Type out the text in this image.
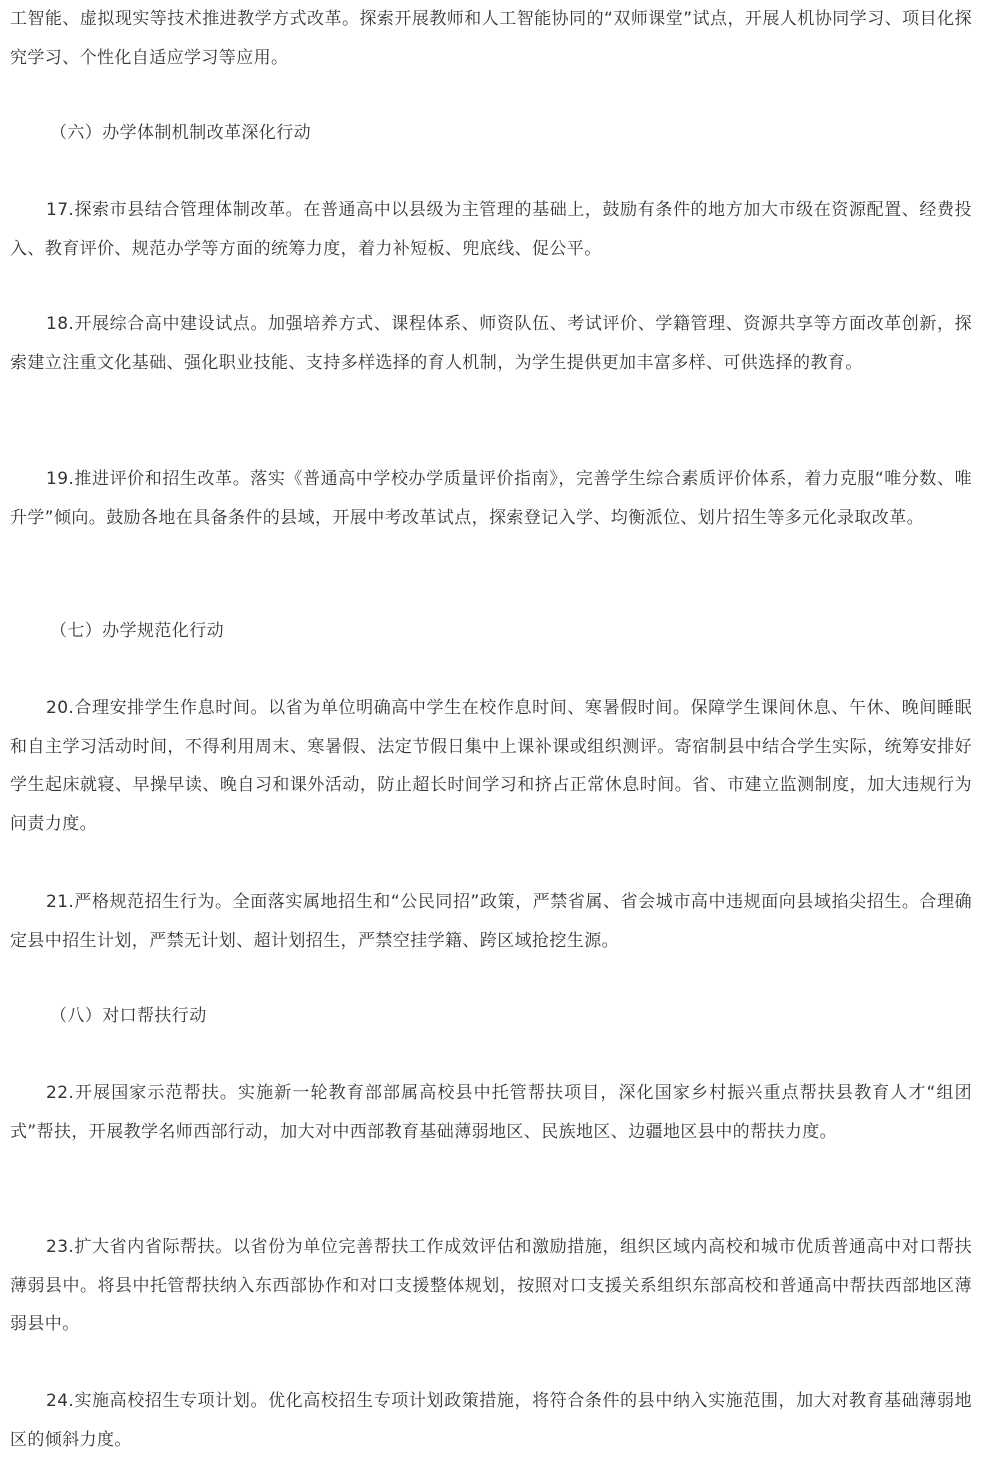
工智能、虚拟现实等技术推进教学方式改革。探索开展教师和人工智能协同的“双师课堂”试点，开展人机协同学习、项目化探究学习、个性化自适应学习等应用。

（六）办学体制机制改革深化行动

17.探索市县结合管理体制改革。在普通高中以县级为主管理的基础上，鼓励有条件的地方加大市级在资源配置、经费投入、教育评价、规范办学等方面的统筹力度，着力补短板、兜底线、促公平。

18.开展综合高中建设试点。加强培养方式、课程体系、师资队伍、考试评价、学籍管理、资源共享等方面改革创新，探索建立注重文化基础、强化职业技能、支持多样选择的育人机制，为学生提供更加丰富多样、可供选择的教育。

19.推进评价和招生改革。落实《普通高中学校办学质量评价指南》，完善学生综合素质评价体系，着力克服“唯分数、唯升学”倾向。鼓励各地在具备条件的县域，开展中考改革试点，探索登记入学、均衡派位、划片招生等多元化录取改革。

（七）办学规范化行动

20.合理安排学生作息时间。以省为单位明确高中学生在校作息时间、寒暑假时间。保障学生课间休息、午休、晚间睡眠和自主学习活动时间，不得利用周末、寒暑假、法定节假日集中上课补课或组织测评。寄宿制县中结合学生实际，统筹安排好学生起床就寝、早操早读、晚自习和课外活动，防止超长时间学习和挤占正常休息时间。省、市建立监测制度，加大违规行为问责力度。

21.严格规范招生行为。全面落实属地招生和“公民同招”政策，严禁省属、省会城市高中违规面向县域掐尖招生。合理确定县中招生计划，严禁无计划、超计划招生，严禁空挂学籍、跨区域抢挖生源。

（八）对口帮扶行动

22.开展国家示范帮扶。实施新一轮教育部部属高校县中托管帮扶项目，深化国家乡村振兴重点帮扶县教育人才“组团式”帮扶，开展教学名师西部行动，加大对中西部教育基础薄弱地区、民族地区、边疆地区县中的帮扶力度。

23.扩大省内省际帮扶。以省份为单位完善帮扶工作成效评估和激励措施，组织区域内高校和城市优质普通高中对口帮扶薄弱县中。将县中托管帮扶纳入东西部协作和对口支援整体规划，按照对口支援关系组织东部高校和普通高中帮扶西部地区薄弱县中。

24.实施高校招生专项计划。优化高校招生专项计划政策措施，将符合条件的县中纳入实施范围，加大对教育基础薄弱地区的倾斜力度。
